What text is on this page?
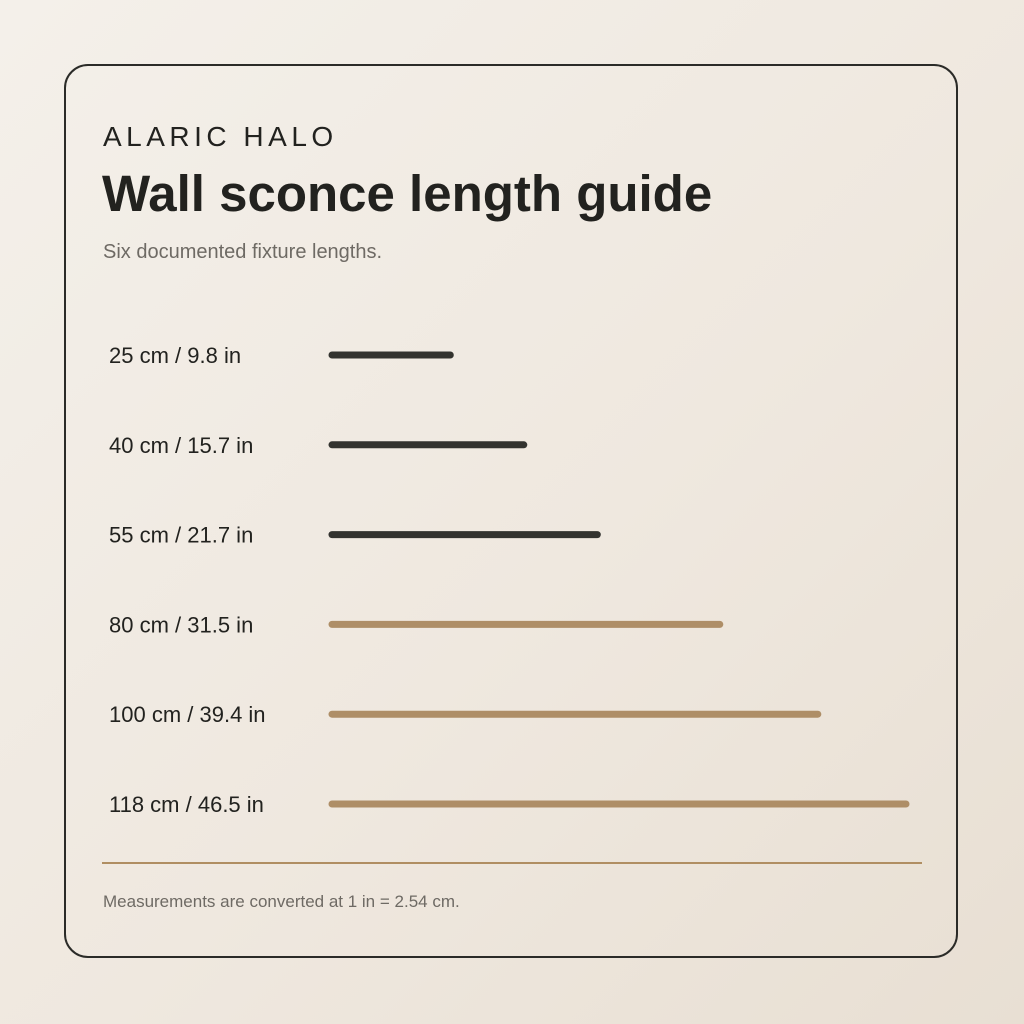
ALARIC HALO
Wall sconce length guide
Six documented fixture lengths.
25 cm / 9.8 in
40 cm / 15.7 in
55 cm / 21.7 in
80 cm / 31.5 in
100 cm / 39.4 in
118 cm / 46.5 in
Measurements are converted at 1 in = 2.54 cm.
